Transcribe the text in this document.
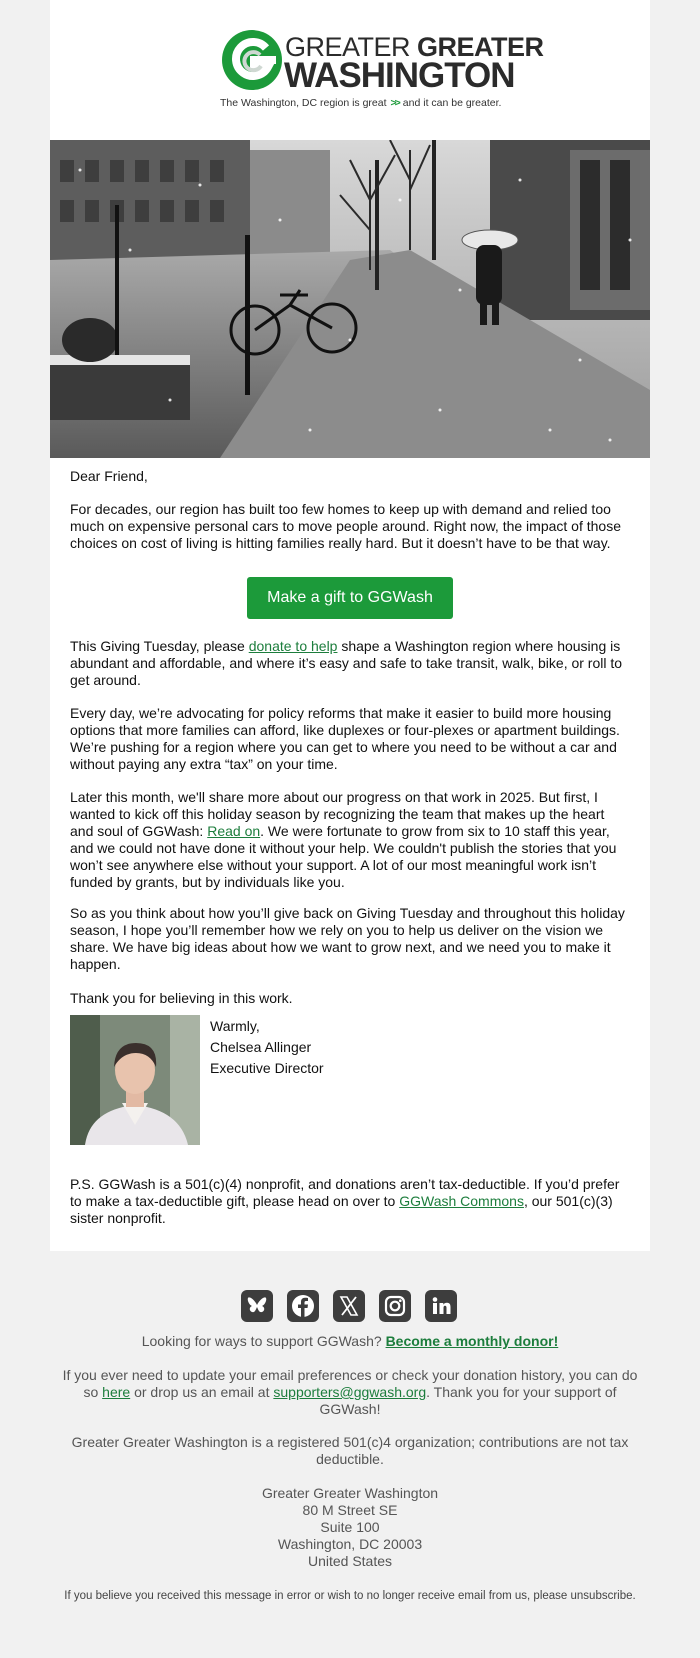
GREATER GREATER
WASHINGTON
The Washington, DC region is great >> and it can be greater.

Dear Friend,

For decades, our region has built too few homes to keep up with demand and relied too much on expensive personal cars to move people around. Right now, the impact of those choices on cost of living is hitting families really hard. But it doesn’t have to be that way.

Make a gift to GGWash

This Giving Tuesday, please donate to help shape a Washington region where housing is abundant and affordable, and where it’s easy and safe to take transit, walk, bike, or roll to get around.

Every day, we’re advocating for policy reforms that make it easier to build more housing options that more families can afford, like duplexes or four-plexes or apartment buildings. We’re pushing for a region where you can get to where you need to be without a car and without paying any extra “tax” on your time.

Later this month, we'll share more about our progress on that work in 2025. But first, I wanted to kick off this holiday season by recognizing the team that makes up the heart and soul of GGWash: Read on. We were fortunate to grow from six to 10 staff this year, and we could not have done it without your help. We couldn't publish the stories that you won’t see anywhere else without your support. A lot of our most meaningful work isn’t funded by grants, but by individuals like you.

So as you think about how you’ll give back on Giving Tuesday and throughout this holiday season, I hope you’ll remember how we rely on you to help us deliver on the vision we share. We have big ideas about how we want to grow next, and we need you to make it happen.

Thank you for believing in this work.

Warmly,
Chelsea Allinger
Executive Director

P.S. GGWash is a 501(c)(4) nonprofit, and donations aren’t tax-deductible. If you’d prefer to make a tax-deductible gift, please head on over to GGWash Commons, our 501(c)(3) sister nonprofit.

Looking for ways to support GGWash? Become a monthly donor!

If you ever need to update your email preferences or check your donation history, you can do so here or drop us an email at supporters@ggwash.org. Thank you for your support of GGWash!

Greater Greater Washington is a registered 501(c)4 organization; contributions are not tax deductible.

Greater Greater Washington
80 M Street SE
Suite 100
Washington, DC 20003
United States

If you believe you received this message in error or wish to no longer receive email from us, please unsubscribe.
